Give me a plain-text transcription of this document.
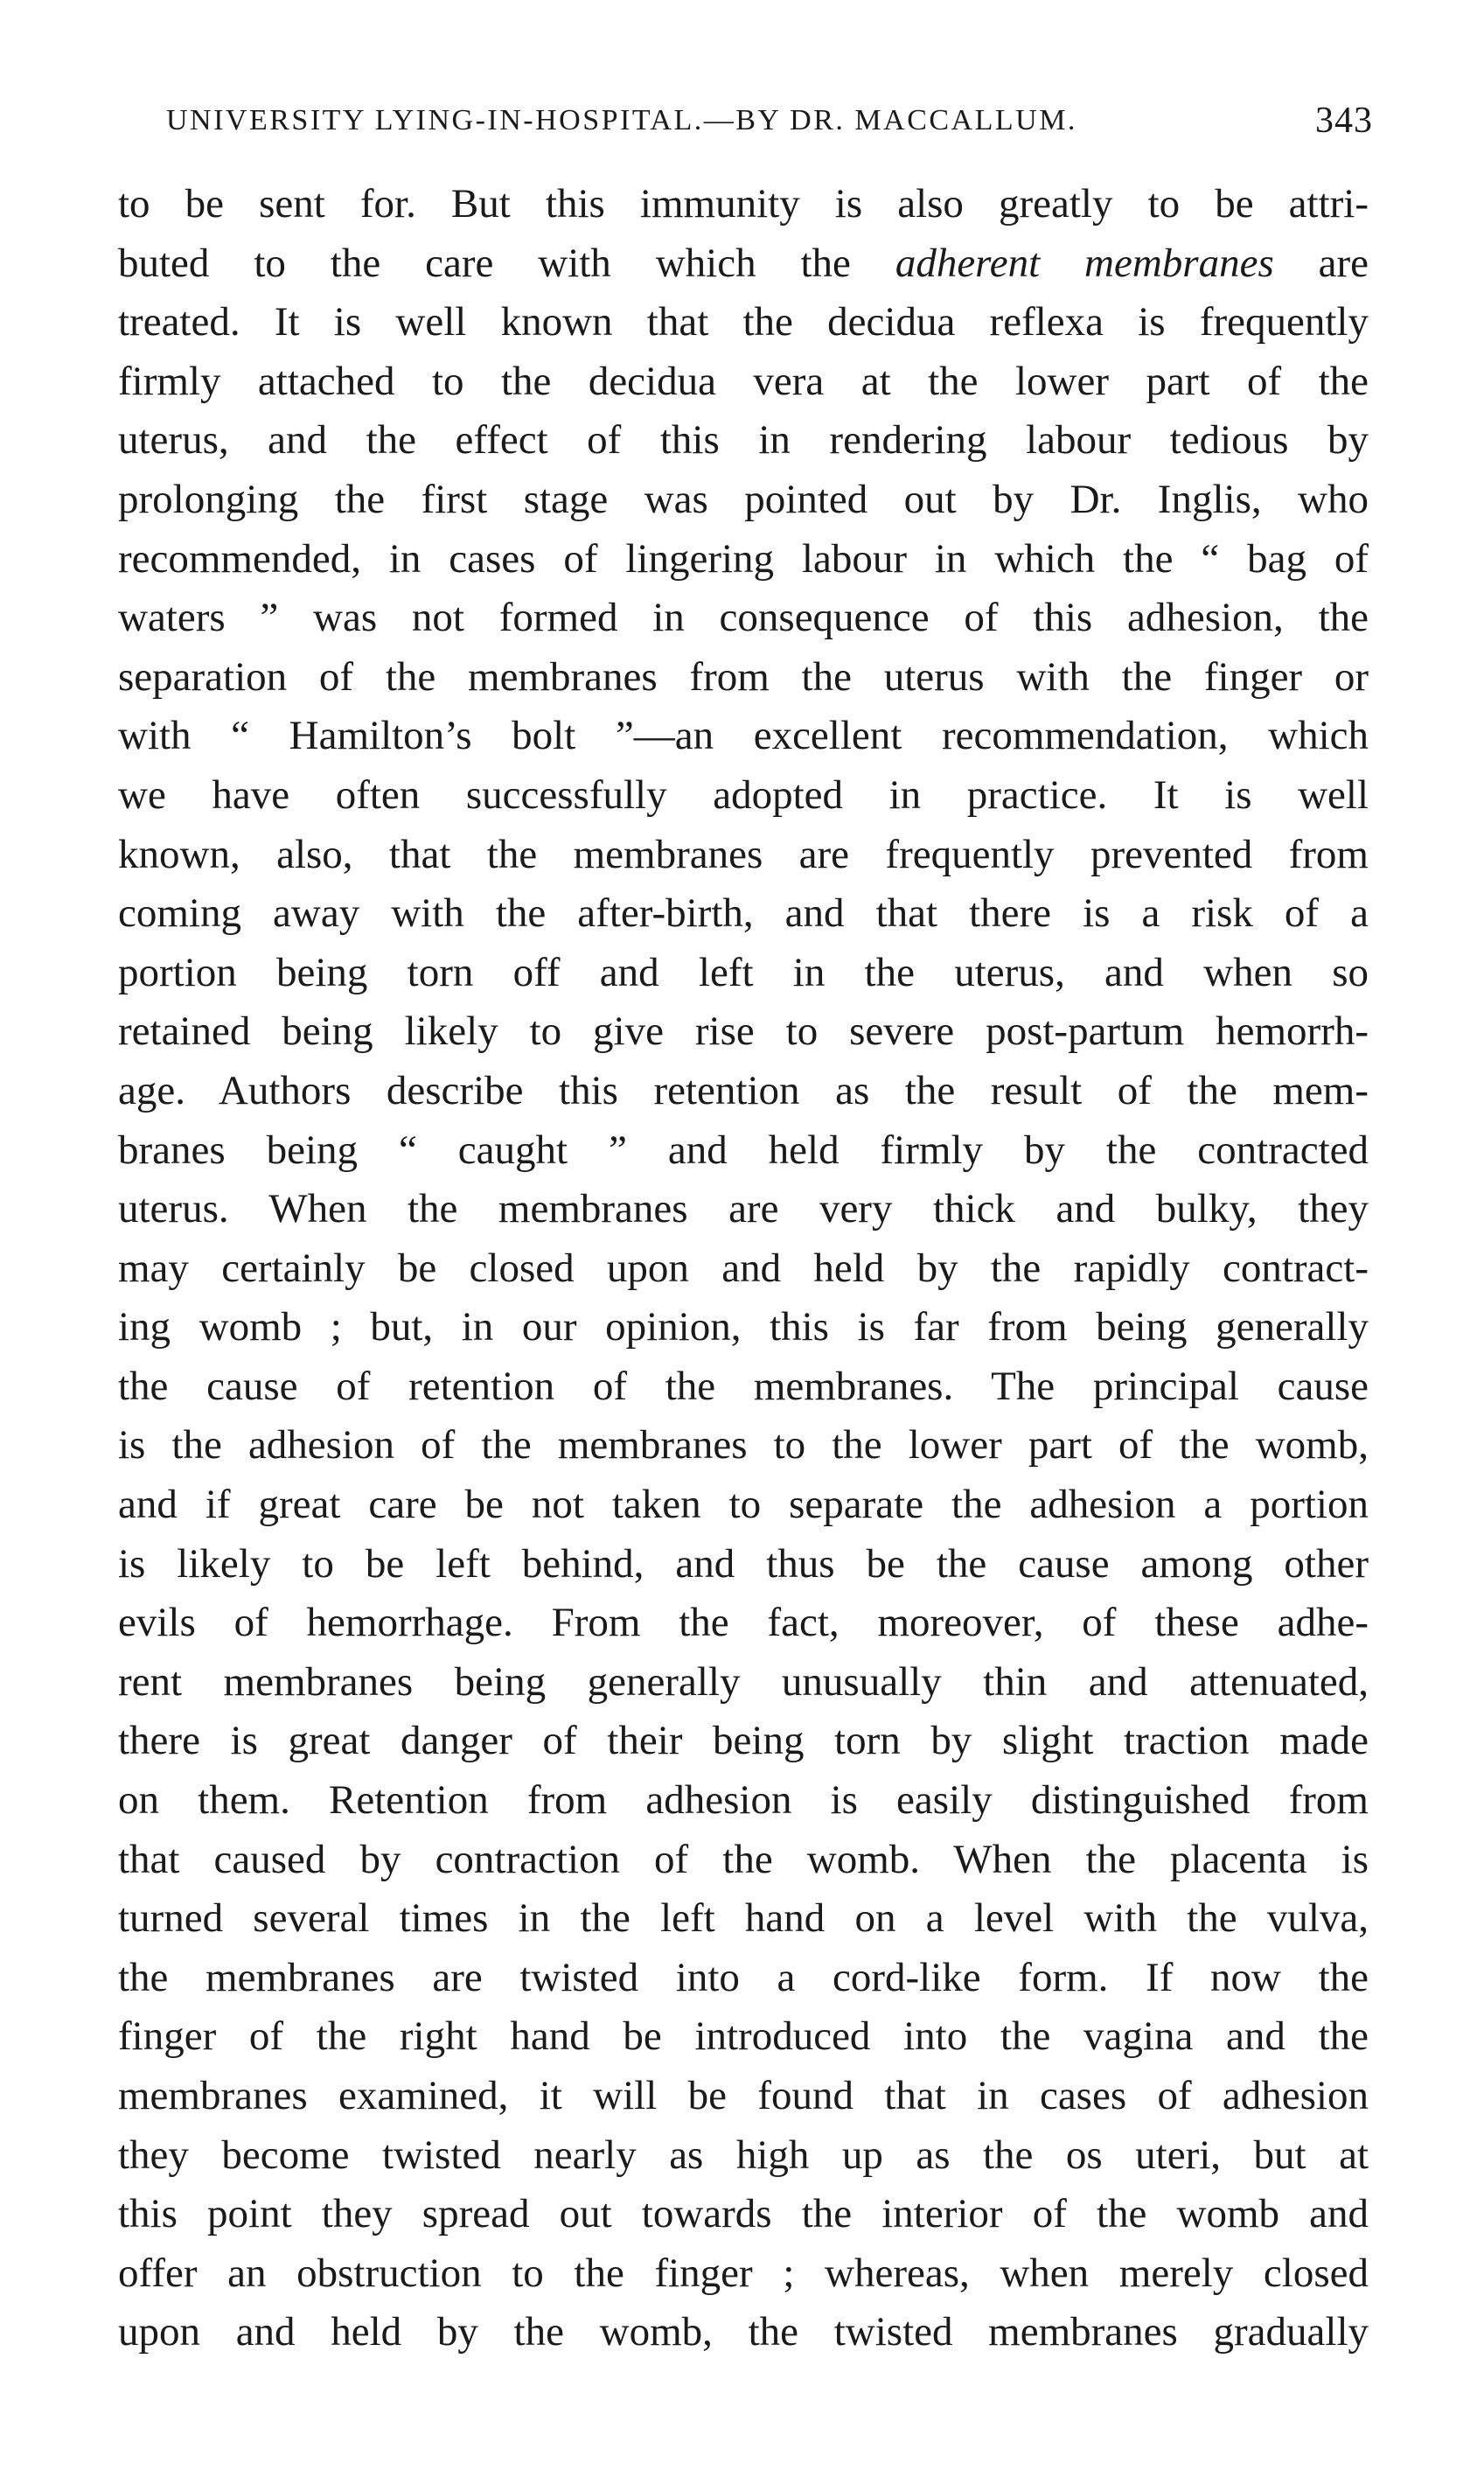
UNIVERSITY LYING-IN-HOSPITAL.—BY DR. MACCALLUM.	343
to be sent for. But this immunity is also greatly to be attri-
buted to the care with which the adherent membranes are
treated. It is well known that the decidua reflexa is frequently
firmly attached to the decidua vera at the lower part of the
uterus, and the effect of this in rendering labour tedious by
prolonging the first stage was pointed out by Dr. Inglis, who
recommended, in cases of lingering labour in which the “ bag of
waters ” was not formed in consequence of this adhesion, the
separation of the membranes from the uterus with the finger or
with “ Hamilton’s bolt ”—an excellent recommendation, which
we have often successfully adopted in practice. It is well
known, also, that the membranes are frequently prevented from
coming away with the after-birth, and that there is a risk of a
portion being torn off and left in the uterus, and when so
retained being likely to give rise to severe post-partum hemorrh-
age. Authors describe this retention as the result of the mem-
branes being “ caught ” and held firmly by the contracted
uterus. When the membranes are very thick and bulky, they
may certainly be closed upon and held by the rapidly contract-
ing womb ; but, in our opinion, this is far from being generally
the cause of retention of the membranes. The principal cause
is the adhesion of the membranes to the lower part of the womb,
and if great care be not taken to separate the adhesion a portion
is likely to be left behind, and thus be the cause among other
evils of hemorrhage. From the fact, moreover, of these adhe-
rent membranes being generally unusually thin and attenuated,
there is great danger of their being torn by slight traction made
on them. Retention from adhesion is easily distinguished from
that caused by contraction of the womb. When the placenta is
turned several times in the left hand on a level with the vulva,
the membranes are twisted into a cord-like form. If now the
finger of the right hand be introduced into the vagina and the
membranes examined, it will be found that in cases of adhesion
they become twisted nearly as high up as the os uteri, but at
this point they spread out towards the interior of the womb and
offer an obstruction to the finger ; whereas, when merely closed
upon and held by the womb, the twisted membranes gradually
